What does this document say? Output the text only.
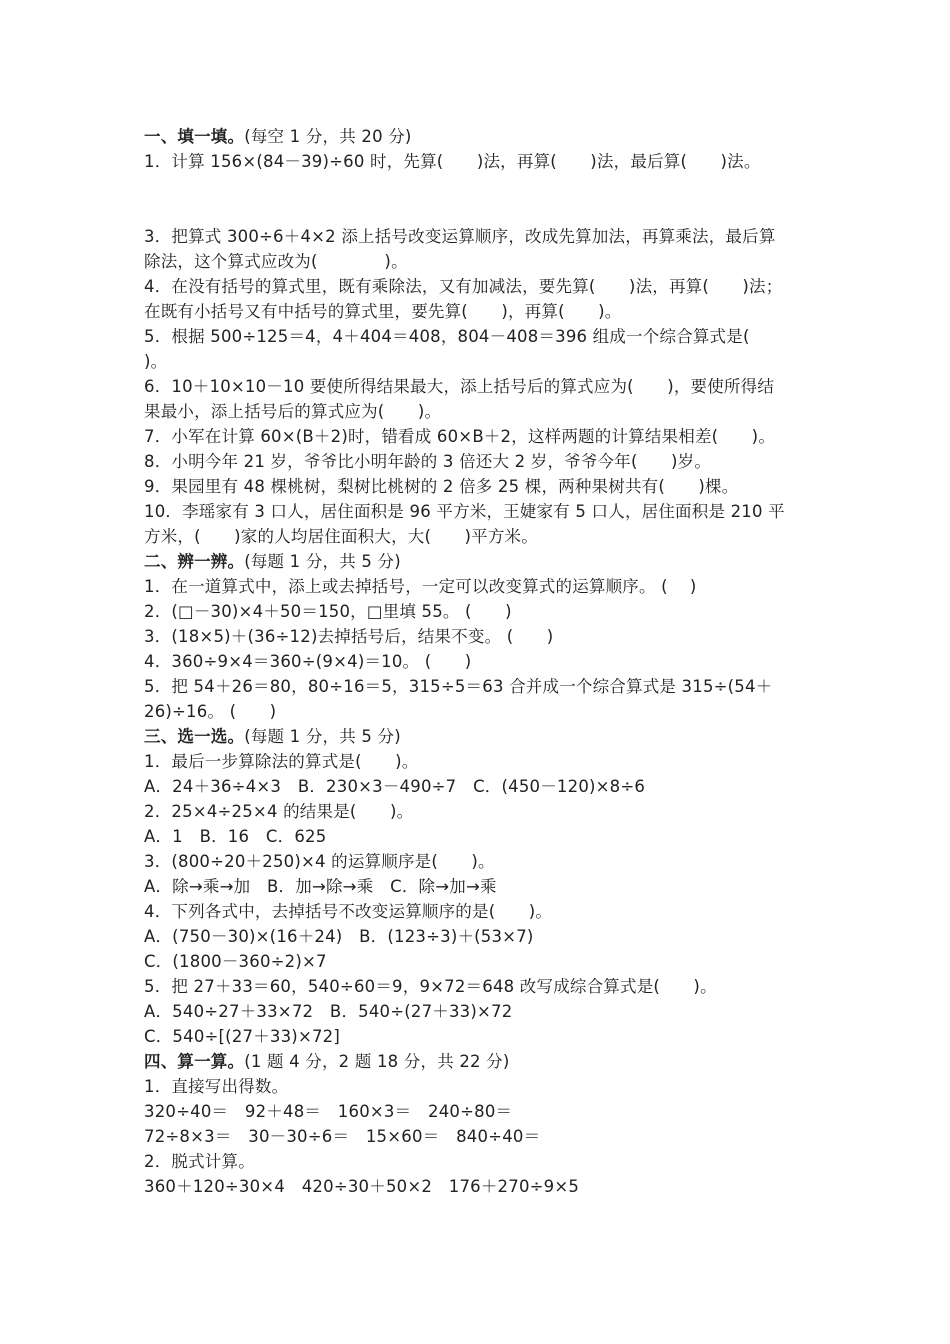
一、填一填。(每空 1 分，共 20 分)
1．计算 156×(84－39)÷60 时，先算(　　)法，再算(　　)法，最后算(　　)法。
3．把算式 300÷6＋4×2 添上括号改变运算顺序，改成先算加法，再算乘法，最后算
除法，这个算式应改为(　　　　)。
4．在没有括号的算式里，既有乘除法，又有加减法，要先算(　　)法，再算(　　)法；
在既有小括号又有中括号的算式里，要先算(　　)，再算(　　)。
5．根据 500÷125＝4，4＋404＝408，804－408＝396 组成一个综合算式是(
)。
6．10＋10×10－10 要使所得结果最大，添上括号后的算式应为(　　)，要使所得结
果最小，添上括号后的算式应为(　　)。
7．小军在计算 60×(B＋2)时，错看成 60×B＋2，这样两题的计算结果相差(　　)。
8．小明今年 21 岁，爷爷比小明年龄的 3 倍还大 2 岁，爷爷今年(　　)岁。
9．果园里有 48 棵桃树，梨树比桃树的 2 倍多 25 棵，两种果树共有(　　)棵。
10．李瑶家有 3 口人，居住面积是 96 平方米，王婕家有 5 口人，居住面积是 210 平
方米，(　　)家的人均居住面积大，大(　　)平方米。
二、辨一辨。(每题 1 分，共 5 分)
1．在一道算式中，添上或去掉括号，一定可以改变算式的运算顺序。 (　 )
2．(□－30)×4＋50＝150，□里填 55。 (　　)
3．(18×5)＋(36÷12)去掉括号后，结果不变。 (　　)
4．360÷9×4＝360÷(9×4)＝10。 (　　)
5．把 54＋26＝80，80÷16＝5，315÷5＝63 合并成一个综合算式是 315÷(54＋
26)÷16。 (　　)
三、选一选。(每题 1 分，共 5 分)
1．最后一步算除法的算式是(　　)。
A．24＋36÷4×3　B．230×3－490÷7　C．(450－120)×8÷6
2．25×4÷25×4 的结果是(　　)。
A．1　B．16　C．625
3．(800÷20＋250)×4 的运算顺序是(　　)。
A．除→乘→加　B．加→除→乘　C．除→加→乘
4．下列各式中，去掉括号不改变运算顺序的是(　　)。
A．(750－30)×(16＋24)　B．(123÷3)＋(53×7)
C．(1800－360÷2)×7
5．把 27＋33＝60，540÷60＝9，9×72＝648 改写成综合算式是(　　)。
A．540÷27＋33×72　B．540÷(27＋33)×72
C．540÷[(27＋33)×72]
四、算一算。(1 题 4 分，2 题 18 分，共 22 分)
1．直接写出得数。
320÷40＝　92＋48＝　160×3＝　240÷80＝
72÷8×3＝　30－30÷6＝　15×60＝　840÷40＝
2．脱式计算。
360＋120÷30×4　420÷30＋50×2　176＋270÷9×5
